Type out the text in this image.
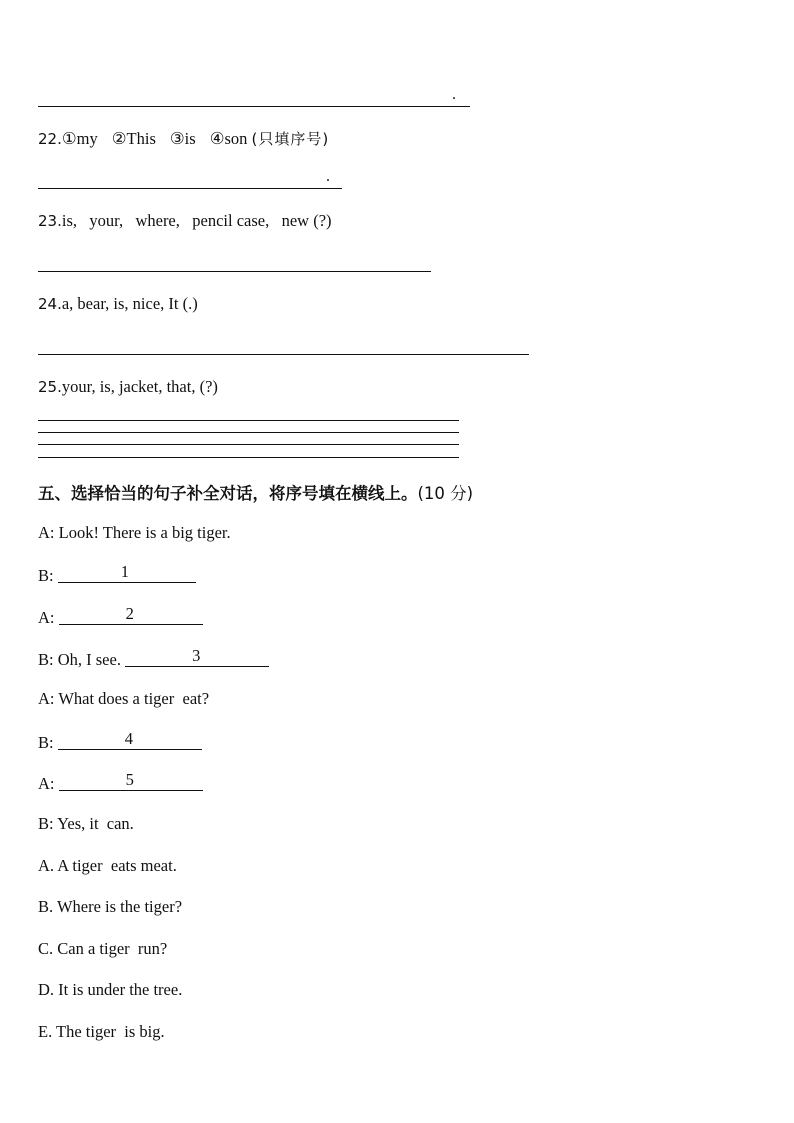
.
22.①my ②This ③is ④son (只填序号)
.
23.is,   your,   where,   pencil case,   new (?)
24.a, bear, is, nice, It (.)
25.your, is, jacket, that, (?)
五、选择恰当的句子补全对话，将序号填在横线上。(10 分)
A: Look! There is a big tiger.
B:	1
A:	2
B: Oh, I see.	3
A: What does a tiger  eat?
B:	4
A:	5
B: Yes, it  can.
A. A tiger  eats meat.
B. Where is the tiger?
C. Can a tiger  run?
D. It is under the tree.
E. The tiger  is big.
